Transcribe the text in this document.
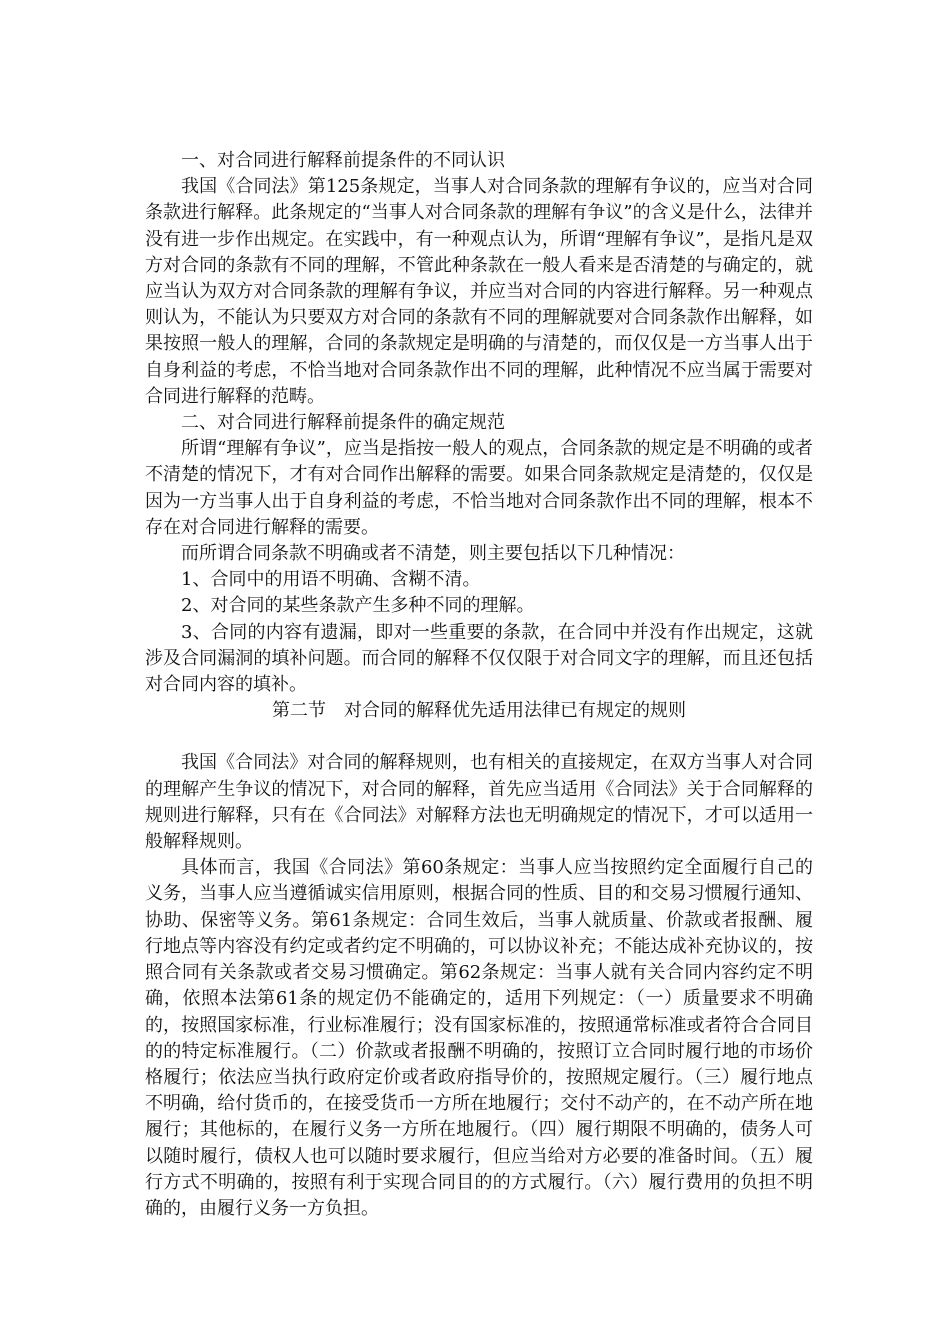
一、对合同进行解释前提条件的不同认识

我国《合同法》第125条规定，当事人对合同条款的理解有争议的，应当对合同条款进行解释。此条规定的“当事人对合同条款的理解有争议”的含义是什么，法律并没有进一步作出规定。在实践中，有一种观点认为，所谓“理解有争议”，是指凡是双方对合同的条款有不同的理解，不管此种条款在一般人看来是否清楚的与确定的，就应当认为双方对合同条款的理解有争议，并应当对合同的内容进行解释。另一种观点则认为，不能认为只要双方对合同的条款有不同的理解就要对合同条款作出解释，如果按照一般人的理解，合同的条款规定是明确的与清楚的，而仅仅是一方当事人出于自身利益的考虑，不恰当地对合同条款作出不同的理解，此种情况不应当属于需要对合同进行解释的范畴。

二、对合同进行解释前提条件的确定规范

所谓“理解有争议”，应当是指按一般人的观点，合同条款的规定是不明确的或者不清楚的情况下，才有对合同作出解释的需要。如果合同条款规定是清楚的，仅仅是因为一方当事人出于自身利益的考虑，不恰当地对合同条款作出不同的理解，根本不存在对合同进行解释的需要。

而所谓合同条款不明确或者不清楚，则主要包括以下几种情况：

1、合同中的用语不明确、含糊不清。

2、对合同的某些条款产生多种不同的理解。

3、合同的内容有遗漏，即对一些重要的条款，在合同中并没有作出规定，这就涉及合同漏洞的填补问题。而合同的解释不仅仅限于对合同文字的理解，而且还包括对合同内容的填补。

第二节　对合同的解释优先适用法律已有规定的规则

我国《合同法》对合同的解释规则，也有相关的直接规定，在双方当事人对合同的理解产生争议的情况下，对合同的解释，首先应当适用《合同法》关于合同解释的规则进行解释，只有在《合同法》对解释方法也无明确规定的情况下，才可以适用一般解释规则。

具体而言，我国《合同法》第60条规定：当事人应当按照约定全面履行自己的义务，当事人应当遵循诚实信用原则，根据合同的性质、目的和交易习惯履行通知、协助、保密等义务。第61条规定：合同生效后，当事人就质量、价款或者报酬、履行地点等内容没有约定或者约定不明确的，可以协议补充；不能达成补充协议的，按照合同有关条款或者交易习惯确定。第62条规定：当事人就有关合同内容约定不明确，依照本法第61条的规定仍不能确定的，适用下列规定：（一）质量要求不明确的，按照国家标准，行业标准履行；没有国家标准的，按照通常标准或者符合合同目的的特定标准履行。（二）价款或者报酬不明确的，按照订立合同时履行地的市场价格履行；依法应当执行政府定价或者政府指导价的，按照规定履行。（三）履行地点不明确，给付货币的，在接受货币一方所在地履行；交付不动产的，在不动产所在地履行；其他标的，在履行义务一方所在地履行。（四）履行期限不明确的，债务人可以随时履行，债权人也可以随时要求履行，但应当给对方必要的准备时间。（五）履行方式不明确的，按照有利于实现合同目的的方式履行。（六）履行费用的负担不明确的，由履行义务一方负担。
